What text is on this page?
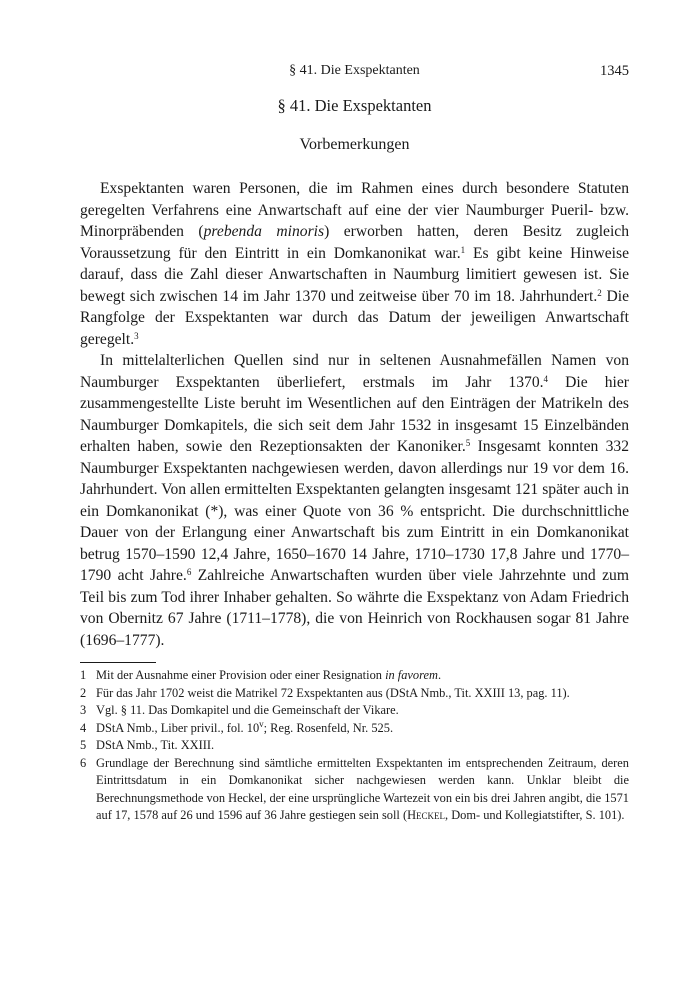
§ 41. Die Exspektanten	1345
§ 41. Die Exspektanten
Vorbemerkungen

Exspektanten waren Personen, die im Rahmen eines durch besondere Statuten geregelten Verfahrens eine Anwartschaft auf eine der vier Naumburger Pueril- bzw. Minorpräbenden (prebenda minoris) erworben hatten, deren Besitz zugleich Voraussetzung für den Eintritt in ein Domkanonikat war.$^1$ Es gibt keine Hinweise darauf, dass die Zahl dieser Anwartschaften in Naumburg limitiert gewesen ist. Sie bewegt sich zwischen 14 im Jahr 1370 und zeitweise über 70 im 18. Jahrhundert.$^2$ Die Rangfolge der Exspektanten war durch das Datum der jeweiligen Anwartschaft geregelt.$^3$

In mittelalterlichen Quellen sind nur in seltenen Ausnahmefällen Namen von Naumburger Exspektanten überliefert, erstmals im Jahr 1370.$^4$ Die hier zusammengestellte Liste beruht im Wesentlichen auf den Einträgen der Matrikeln des Naumburger Domkapitels, die sich seit dem Jahr 1532 in insgesamt 15 Einzelbänden erhalten haben, sowie den Rezeptionsakten der Kanoniker.$^5$ Insgesamt konnten 332 Naumburger Exspektanten nachgewiesen werden, davon allerdings nur 19 vor dem 16. Jahrhundert. Von allen ermittelten Exspektanten gelangten insgesamt 121 später auch in ein Domkanonikat (*), was einer Quote von 36 % entspricht. Die durchschnittliche Dauer von der Erlangung einer Anwartschaft bis zum Eintritt in ein Domkanonikat betrug 1570–1590 12,4 Jahre, 1650–1670 14 Jahre, 1710–1730 17,8 Jahre und 1770–1790 acht Jahre.$^6$ Zahlreiche Anwartschaften wurden über viele Jahrzehnte und zum Teil bis zum Tod ihrer Inhaber gehalten. So währte die Exspektanz von Adam Friedrich von Obernitz 67 Jahre (1711–1778), die von Heinrich von Rockhausen sogar 81 Jahre (1696–1777).

1 Mit der Ausnahme einer Provision oder einer Resignation in favorem.
2 Für das Jahr 1702 weist die Matrikel 72 Exspektanten aus (DStA Nmb., Tit. XXIII 13, pag. 11).
3 Vgl. § 11. Das Domkapitel und die Gemeinschaft der Vikare.
4 DStA Nmb., Liber privil., fol. 10$^v$; Reg. Rosenfeld, Nr. 525.
5 DStA Nmb., Tit. XXIII.
6 Grundlage der Berechnung sind sämtliche ermittelten Exspektanten im entsprechenden Zeitraum, deren Eintrittsdatum in ein Domkanonikat sicher nachgewiesen werden kann. Unklar bleibt die Berechnungsmethode von Heckel, der eine ursprüngliche Wartezeit von ein bis drei Jahren angibt, die 1571 auf 17, 1578 auf 26 und 1596 auf 36 Jahre gestiegen sein soll (Heckel, Dom- und Kollegiatstifter, S. 101).
